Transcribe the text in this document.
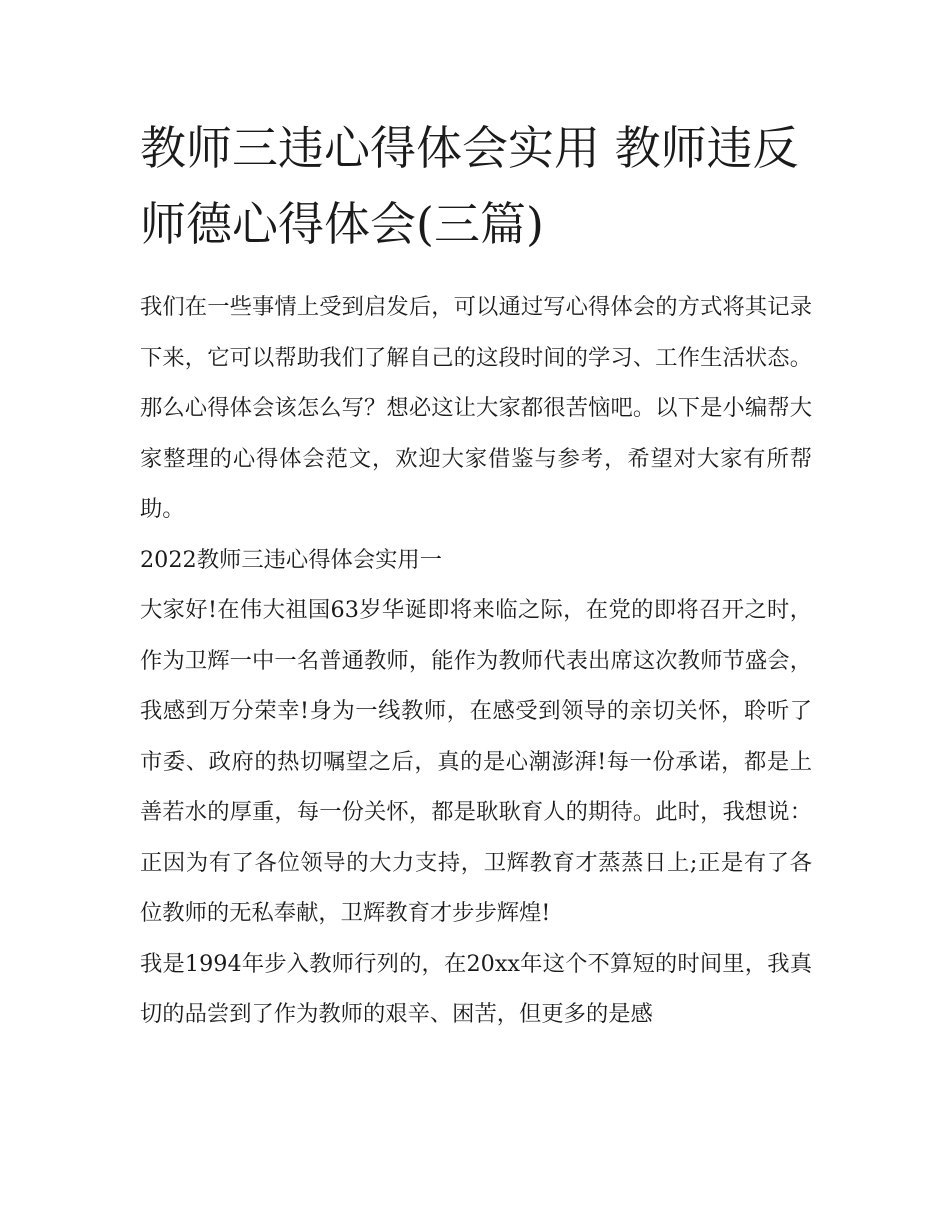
教师三违心得体会实用 教师违反师德心得体会(三篇)

我们在一些事情上受到启发后，可以通过写心得体会的方式将其记录下来，它可以帮助我们了解自己的这段时间的学习、工作生活状态。那么心得体会该怎么写？想必这让大家都很苦恼吧。以下是小编帮大家整理的心得体会范文，欢迎大家借鉴与参考，希望对大家有所帮助。

2022教师三违心得体会实用一

大家好!在伟大祖国63岁华诞即将来临之际，在党的即将召开之时，作为卫辉一中一名普通教师，能作为教师代表出席这次教师节盛会，我感到万分荣幸!身为一线教师，在感受到领导的亲切关怀，聆听了市委、政府的热切嘱望之后，真的是心潮澎湃!每一份承诺，都是上善若水的厚重，每一份关怀，都是耿耿育人的期待。此时，我想说：正因为有了各位领导的大力支持，卫辉教育才蒸蒸日上;正是有了各位教师的无私奉献，卫辉教育才步步辉煌!

我是1994年步入教师行列的，在20xx年这个不算短的时间里，我真切的品尝到了作为教师的艰辛、困苦，但更多的是感
